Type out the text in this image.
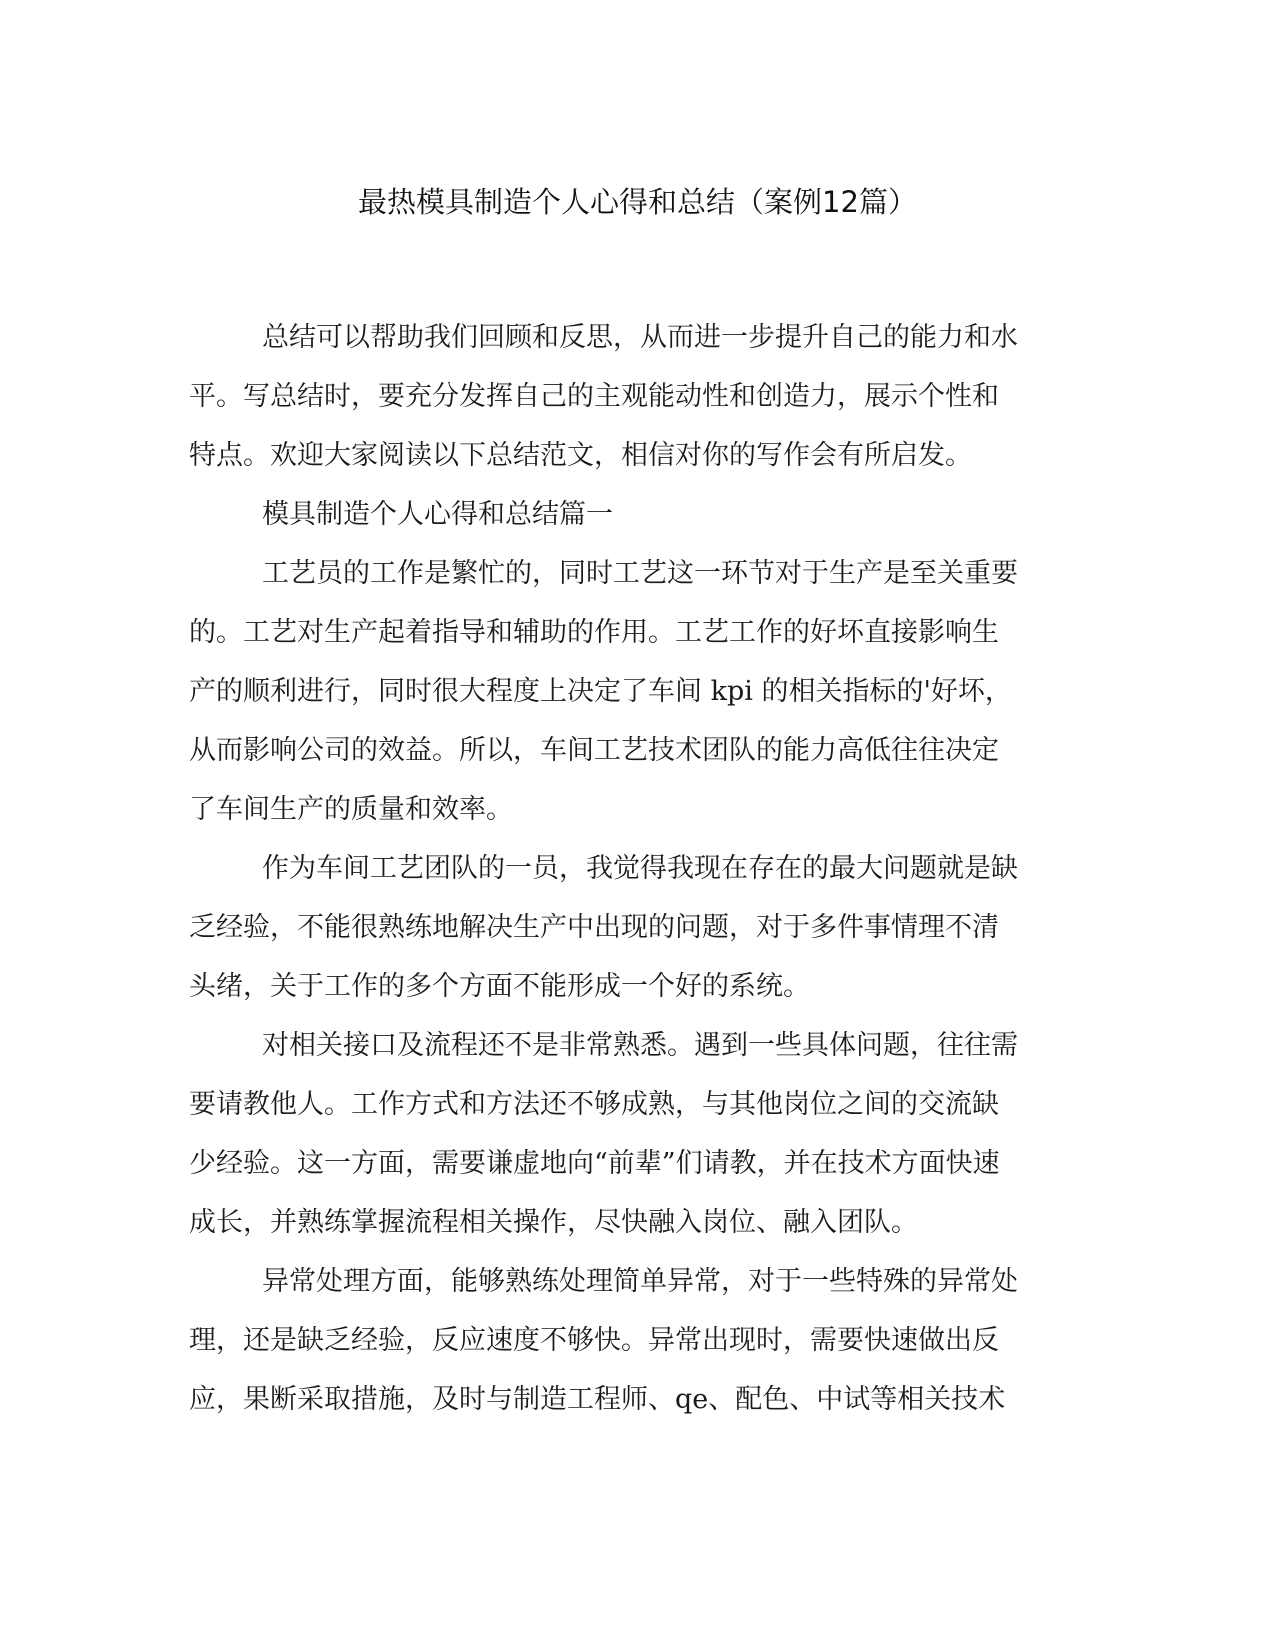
最热模具制造个人心得和总结（案例12篇）
总结可以帮助我们回顾和反思，从而进一步提升自己的能力和水
平。写总结时，要充分发挥自己的主观能动性和创造力，展示个性和
特点。欢迎大家阅读以下总结范文，相信对你的写作会有所启发。
模具制造个人心得和总结篇一
工艺员的工作是繁忙的，同时工艺这一环节对于生产是至关重要
的。工艺对生产起着指导和辅助的作用。工艺工作的好坏直接影响生
产的顺利进行，同时很大程度上决定了车间 kpi 的相关指标的'好坏，
从而影响公司的效益。所以，车间工艺技术团队的能力高低往往决定
了车间生产的质量和效率。
作为车间工艺团队的一员，我觉得我现在存在的最大问题就是缺
乏经验，不能很熟练地解决生产中出现的问题，对于多件事情理不清
头绪，关于工作的多个方面不能形成一个好的系统。
对相关接口及流程还不是非常熟悉。遇到一些具体问题，往往需
要请教他人。工作方式和方法还不够成熟，与其他岗位之间的交流缺
少经验。这一方面，需要谦虚地向“前辈”们请教，并在技术方面快速
成长，并熟练掌握流程相关操作，尽快融入岗位、融入团队。
异常处理方面，能够熟练处理简单异常，对于一些特殊的异常处
理，还是缺乏经验，反应速度不够快。异常出现时，需要快速做出反
应，果断采取措施，及时与制造工程师、qe、配色、中试等相关技术
